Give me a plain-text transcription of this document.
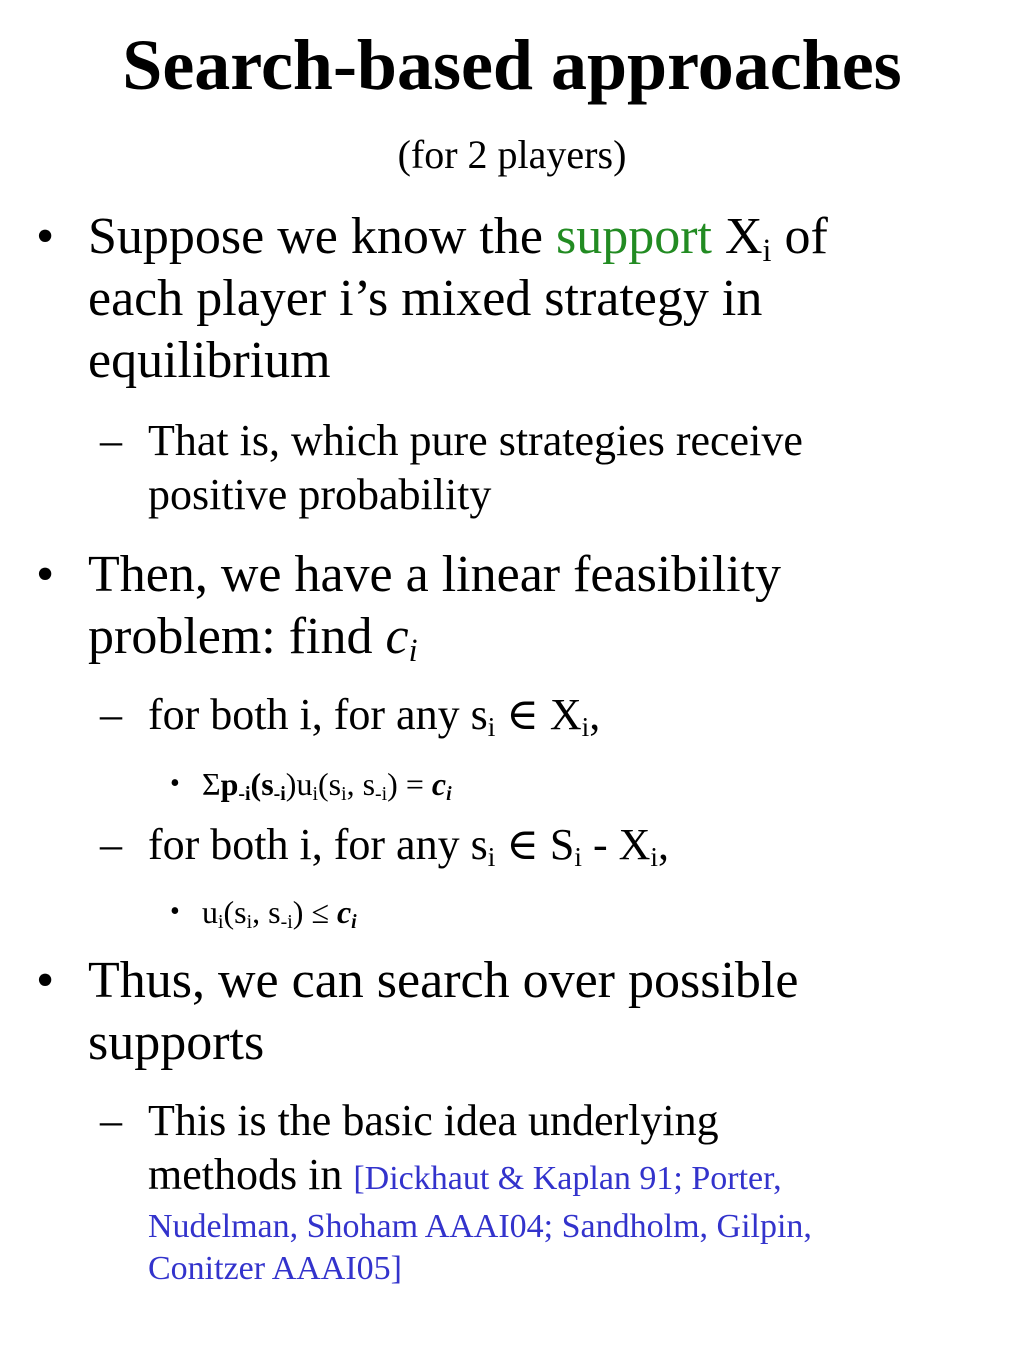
Search-based approaches
(for 2 players)
• Suppose we know the support $X_i$ of
each player i’s mixed strategy in
equilibrium
– That is, which pure strategies receive
positive probability
• Then, we have a linear feasibility
problem: find $c_i$
– for both i, for any $s_i$ ∈ $X_i$,
• $\Sigma p_{-i}(s_{-i})u_i(s_i$, $s_{-i}) = c_i$
– for both i, for any $s_i$ ∈ $S_i - X_i$,
• $u_i(s_i$, $s_{-i}) \le c_i$
• Thus, we can search over possible
supports
– This is the basic idea underlying
methods in [Dickhaut & Kaplan 91; Porter,
Nudelman, Shoham AAAI04; Sandholm, Gilpin,
Conitzer AAAI05]
